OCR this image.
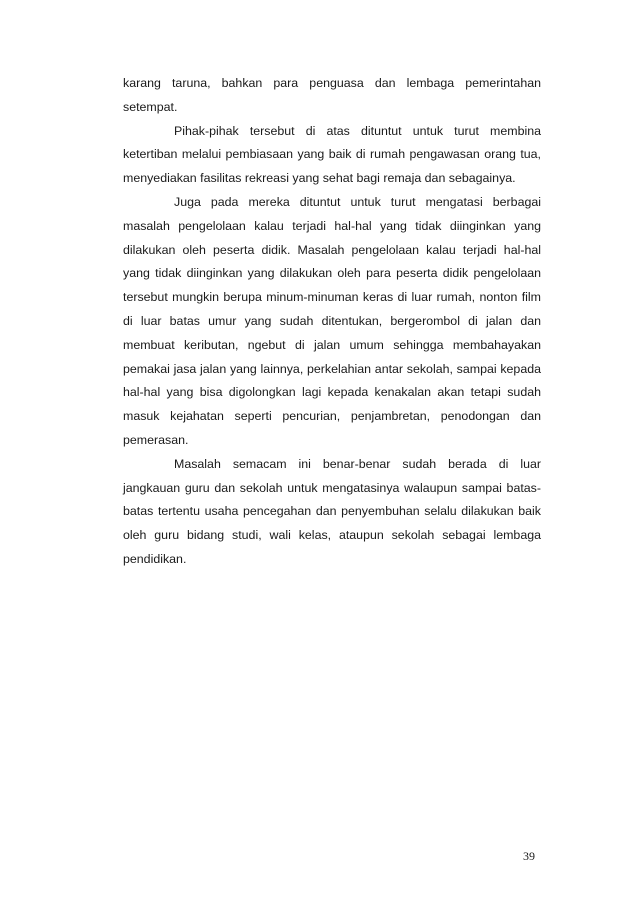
karang taruna, bahkan para penguasa dan lembaga pemerintahan setempat.

Pihak-pihak tersebut di atas dituntut untuk turut membina ketertiban melalui pembiasaan yang baik di rumah pengawasan orang tua, menyediakan fasilitas rekreasi yang sehat bagi remaja dan sebagainya.

Juga pada mereka dituntut untuk turut mengatasi berbagai masalah pengelolaan kalau terjadi hal-hal yang tidak diinginkan yang dilakukan oleh peserta didik. Masalah pengelolaan kalau terjadi hal-hal yang tidak diinginkan yang dilakukan oleh para peserta didik pengelolaan tersebut mungkin berupa minum-minuman keras di luar rumah, nonton film di luar batas umur yang sudah ditentukan, bergerombol di jalan dan membuat keributan, ngebut di jalan umum sehingga membahayakan pemakai jasa jalan yang lainnya, perkelahian antar sekolah, sampai kepada hal-hal yang bisa digolongkan lagi kepada kenakalan akan tetapi sudah masuk kejahatan seperti pencurian, penjambretan, penodongan dan pemerasan.

Masalah semacam ini benar-benar sudah berada di luar jangkauan guru dan sekolah untuk mengatasinya walaupun sampai batas-batas tertentu usaha pencegahan dan penyembuhan selalu dilakukan baik oleh guru bidang studi, wali kelas, ataupun sekolah sebagai lembaga pendidikan.

39
